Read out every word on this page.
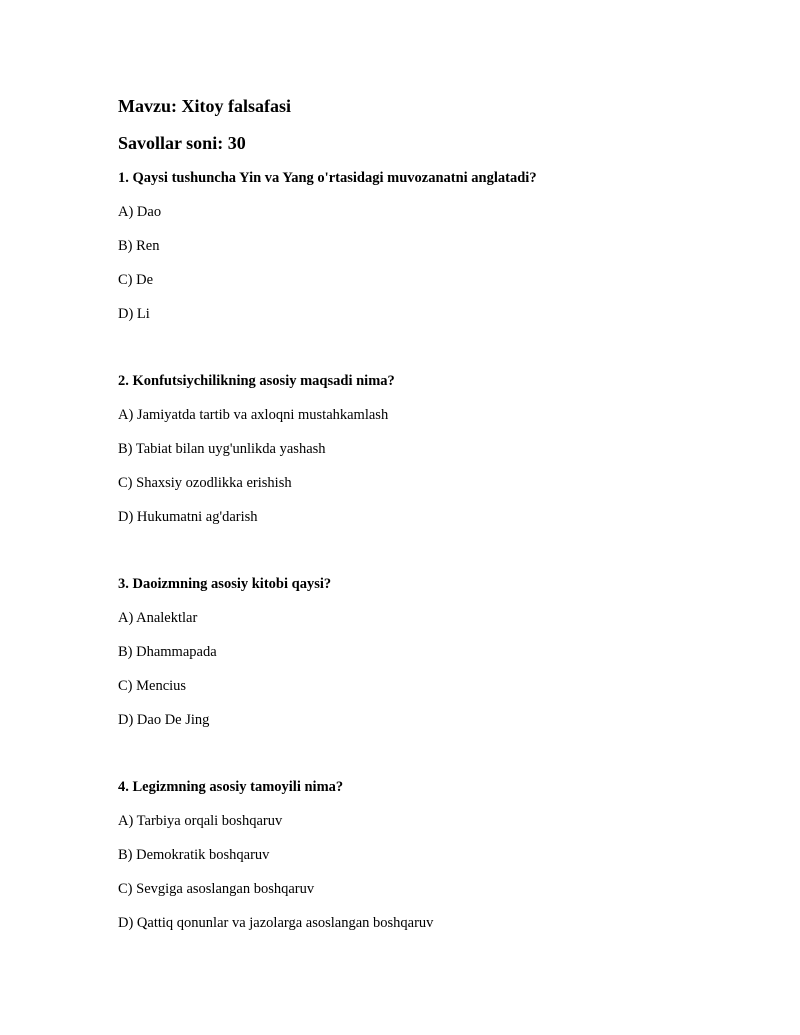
Mavzu: Xitoy falsafasi
Savollar soni: 30
1. Qaysi tushuncha Yin va Yang o'rtasidagi muvozanatni anglatadi?
A) Dao
B) Ren
C) De
D) Li
2. Konfutsiychilikning asosiy maqsadi nima?
A) Jamiyatda tartib va axloqni mustahkamlash
B) Tabiat bilan uyg'unlikda yashash
C) Shaxsiy ozodlikka erishish
D) Hukumatni ag'darish
3. Daoizmning asosiy kitobi qaysi?
A) Analektlar
B) Dhammapada
C) Mencius
D) Dao De Jing
4. Legizmning asosiy tamoyili nima?
A) Tarbiya orqali boshqaruv
B) Demokratik boshqaruv
C) Sevgiga asoslangan boshqaruv
D) Qattiq qonunlar va jazolarga asoslangan boshqaruv
